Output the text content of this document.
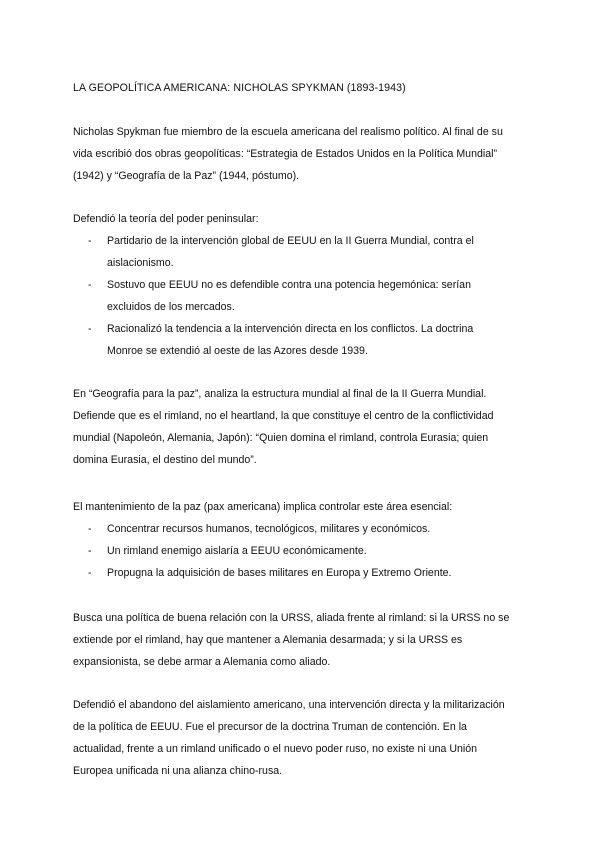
LA GEOPOLÍTICA AMERICANA: NICHOLAS SPYKMAN (1893-1943)
Nicholas Spykman fue miembro de la escuela americana del realismo político. Al final de su
vida escribió dos obras geopolíticas: “Estrategia de Estados Unidos en la Política Mundial”
(1942) y “Geografía de la Paz” (1944, póstumo).
Defendió la teoría del poder peninsular:
- Partidario de la intervención global de EEUU en la II Guerra Mundial, contra el
aislacionismo.
- Sostuvo que EEUU no es defendible contra una potencia hegemónica: serían
excluidos de los mercados.
- Racionalizó la tendencia a la intervención directa en los conflictos. La doctrina
Monroe se extendió al oeste de las Azores desde 1939.
En “Geografía para la paz”, analiza la estructura mundial al final de la II Guerra Mundial.
Defiende que es el rimland, no el heartland, la que constituye el centro de la conflictividad
mundial (Napoleón, Alemania, Japón): “Quien domina el rimland, controla Eurasia; quien
domina Eurasia, el destino del mundo”.
El mantenimiento de la paz (pax americana) implica controlar este área esencial:
- Concentrar recursos humanos, tecnológicos, militares y económicos.
- Un rimland enemigo aislaría a EEUU económicamente.
- Propugna la adquisición de bases militares en Europa y Extremo Oriente.
Busca una política de buena relación con la URSS, aliada frente al rimland: si la URSS no se
extiende por el rimland, hay que mantener a Alemania desarmada; y si la URSS es
expansionista, se debe armar a Alemania como aliado.
Defendió el abandono del aislamiento americano, una intervención directa y la militarización
de la política de EEUU. Fue el precursor de la doctrina Truman de contención. En la
actualidad, frente a un rimland unificado o el nuevo poder ruso, no existe ni una Unión
Europea unificada ni una alianza chino-rusa.
